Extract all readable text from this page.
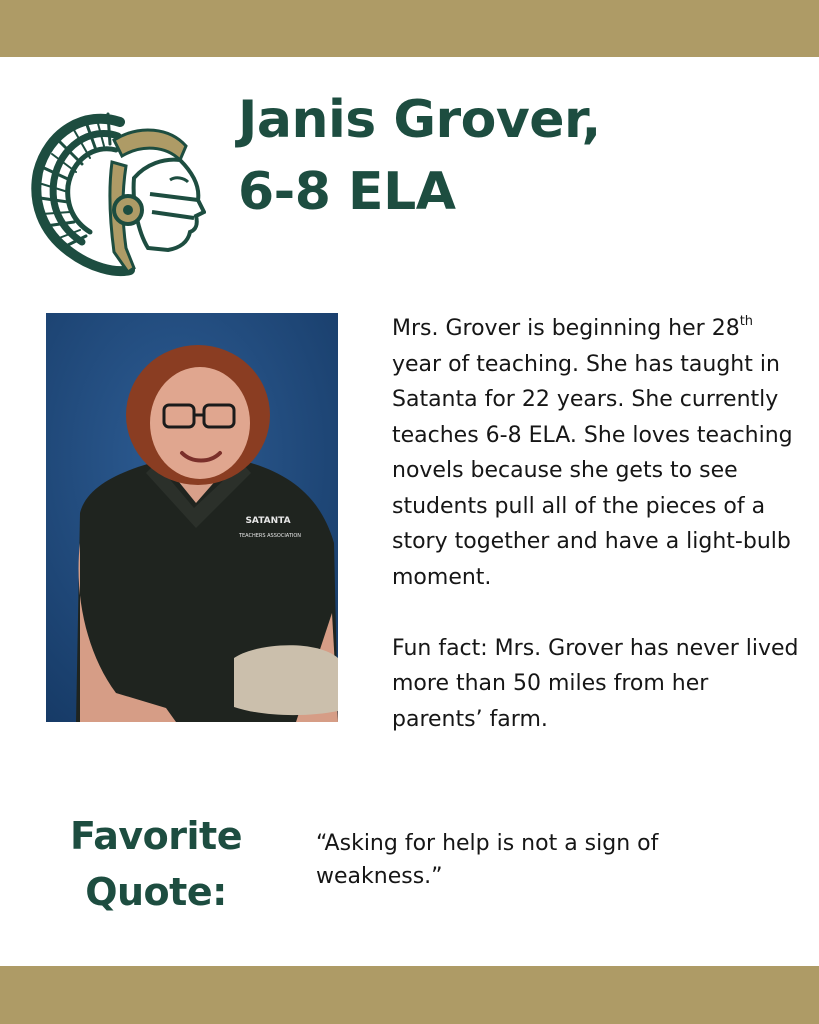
Janis Grover,
6-8 ELA
SATANTA
TEACHERS ASSOCIATION

Mrs. Grover is beginning her 28th year of teaching. She has taught in Satanta for 22 years. She currently teaches 6-8 ELA. She loves teaching novels because she gets to see students pull all of the pieces of a story together and have a light-bulb moment.

Fun fact: Mrs. Grover has never lived more than 50 miles from her parents’ farm.

Favorite
Quote:
“Asking for help is not a sign of weakness.”
